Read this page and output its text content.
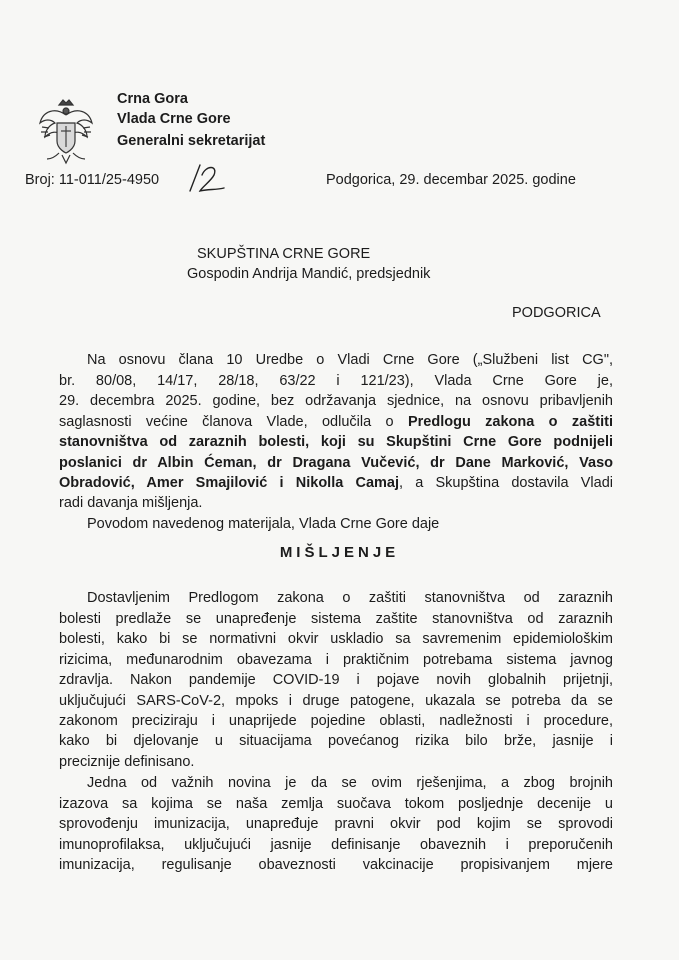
Crna Gora
Vlada Crne Gore
Generalni sekretarijat
Broj: 11-011/25-4950	Podgorica, 29. decembar 2025. godine
SKUPŠTINA CRNE GORE
Gospodin Andrija Mandić, predsjednik
PODGORICA
Na osnovu člana 10 Uredbe o Vladi Crne Gore („Službeni list CG",
br. 80/08, 14/17, 28/18, 63/22 i 121/23), Vlada Crne Gore je,
29. decembra 2025. godine, bez održavanja sjednice, na osnovu pribavljenih
saglasnosti većine članova Vlade, odlučila o Predlogu zakona o zaštiti
stanovništva od zaraznih bolesti, koji su Skupštini Crne Gore podnijeli
poslanici dr Albin Ćeman, dr Dragana Vučević, dr Dane Marković, Vaso
Obradović, Amer Smajilović i Nikolla Camaj, a Skupština dostavila Vladi
radi davanja mišljenja.
Povodom navedenog materijala, Vlada Crne Gore daje
MIŠLJENJE
Dostavljenim Predlogom zakona o zaštiti stanovništva od zaraznih
bolesti predlaže se unapređenje sistema zaštite stanovništva od zaraznih
bolesti, kako bi se normativni okvir uskladio sa savremenim epidemiološkim
rizicima, međunarodnim obavezama i praktičnim potrebama sistema javnog
zdravlja. Nakon pandemije COVID-19 i pojave novih globalnih prijetnji,
uključujući SARS-CoV-2, mpoks i druge patogene, ukazala se potreba da se
zakonom preciziraju i unaprijede pojedine oblasti, nadležnosti i procedure,
kako bi djelovanje u situacijama povećanog rizika bilo brže, jasnije i
preciznije definisano.
Jedna od važnih novina je da se ovim rješenjima, a zbog brojnih
izazova sa kojima se naša zemlja suočava tokom posljednje decenije u
sprovođenju imunizacija, unapređuje pravni okvir pod kojim se sprovodi
imunoprofilaksa, uključujući jasnije definisanje obaveznih i preporučenih
imunizacija, regulisanje obaveznosti vakcinacije propisivanjem mjere
